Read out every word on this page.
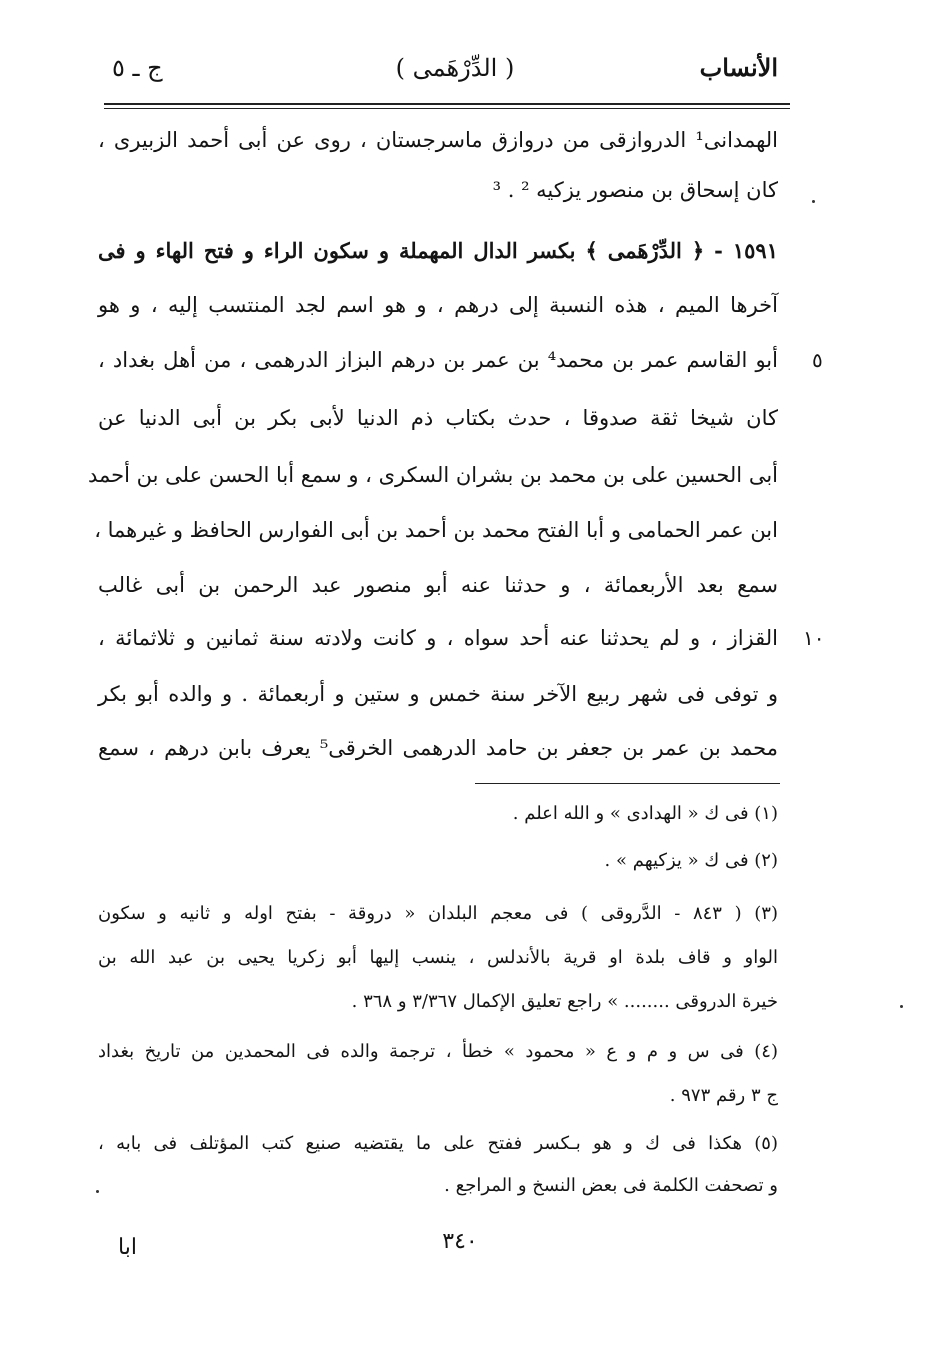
الأنساب
( الدِّرْهَمى )
ج ـ ٥
الهمدانى¹ الدروازقى من دروازق ماسرجستان ، روى عن أبى أحمد الزبيرى ،
كان إسحاق بن منصور يزكيه ² . ³
١٥٩١ - ﴿ الدِّرْهَمى ﴾ بكسر الدال المهملة و سكون الراء و فتح الهاء و فى
آخرها الميم ، هذه النسبة إلى درهم ، و هو اسم لجد المنتسب إليه ، و هو
أبو القاسم عمر بن محمد⁴ بن عمر بن درهم البزاز الدرهمى ، من أهل بغداد ،
كان شيخا ثقة صدوقا ، حدث بكتاب ذم الدنيا لأبى بكر بن أبى الدنيا عن
أبى الحسين على بن محمد بن بشران السكرى ، و سمع أبا الحسن على بن أحمد
ابن عمر الحمامى و أبا الفتح محمد بن أحمد بن أبى الفوارس الحافظ و غيرهما ،
سمع بعد الأربعمائة ، و حدثنا عنه أبو منصور عبد الرحمن بن أبى غالب
القزاز ، و لم يحدثنا عنه أحد سواه ، و كانت ولادته سنة ثمانين و ثلاثمائة ،
و توفى فى شهر ربيع الآخر سنة خمس و ستين و أربعمائة . و والده أبو بكر
محمد بن عمر بن جعفر بن حامد الدرهمى الخرقى⁵ يعرف بابن درهم ، سمع
٥
١٠
(١) فى ك « الهدادى » و الله اعلم .
(٢) فى ك « يزكيهم » .
(٣) ( ٨٤٣ - الدَّروقى ) فى معجم البلدان « دروقة - بفتح اوله و ثانيه و سكون
الواو و قاف بلدة او قرية بالأندلس ، ينسب إليها أبو زكريا يحيى بن عبد الله بن
خيرة الدروقى ........ » راجع تعليق الإكمال ٣/٣٦٧ و ٣٦٨ .
(٤) فى س و م و ع « محمود » خطأ ، ترجمة والده فى المحمدين من تاريخ بغداد
ج ٣ رقم ٩٧٣ .
(٥) هكذا فى ك و هو بـكسر ففتح على ما يقتضيه صنيع كتب المؤتلف فى بابه ،
و تصحفت الكلمة فى بعض النسخ و المراجع .
٣٤٠
ابا
